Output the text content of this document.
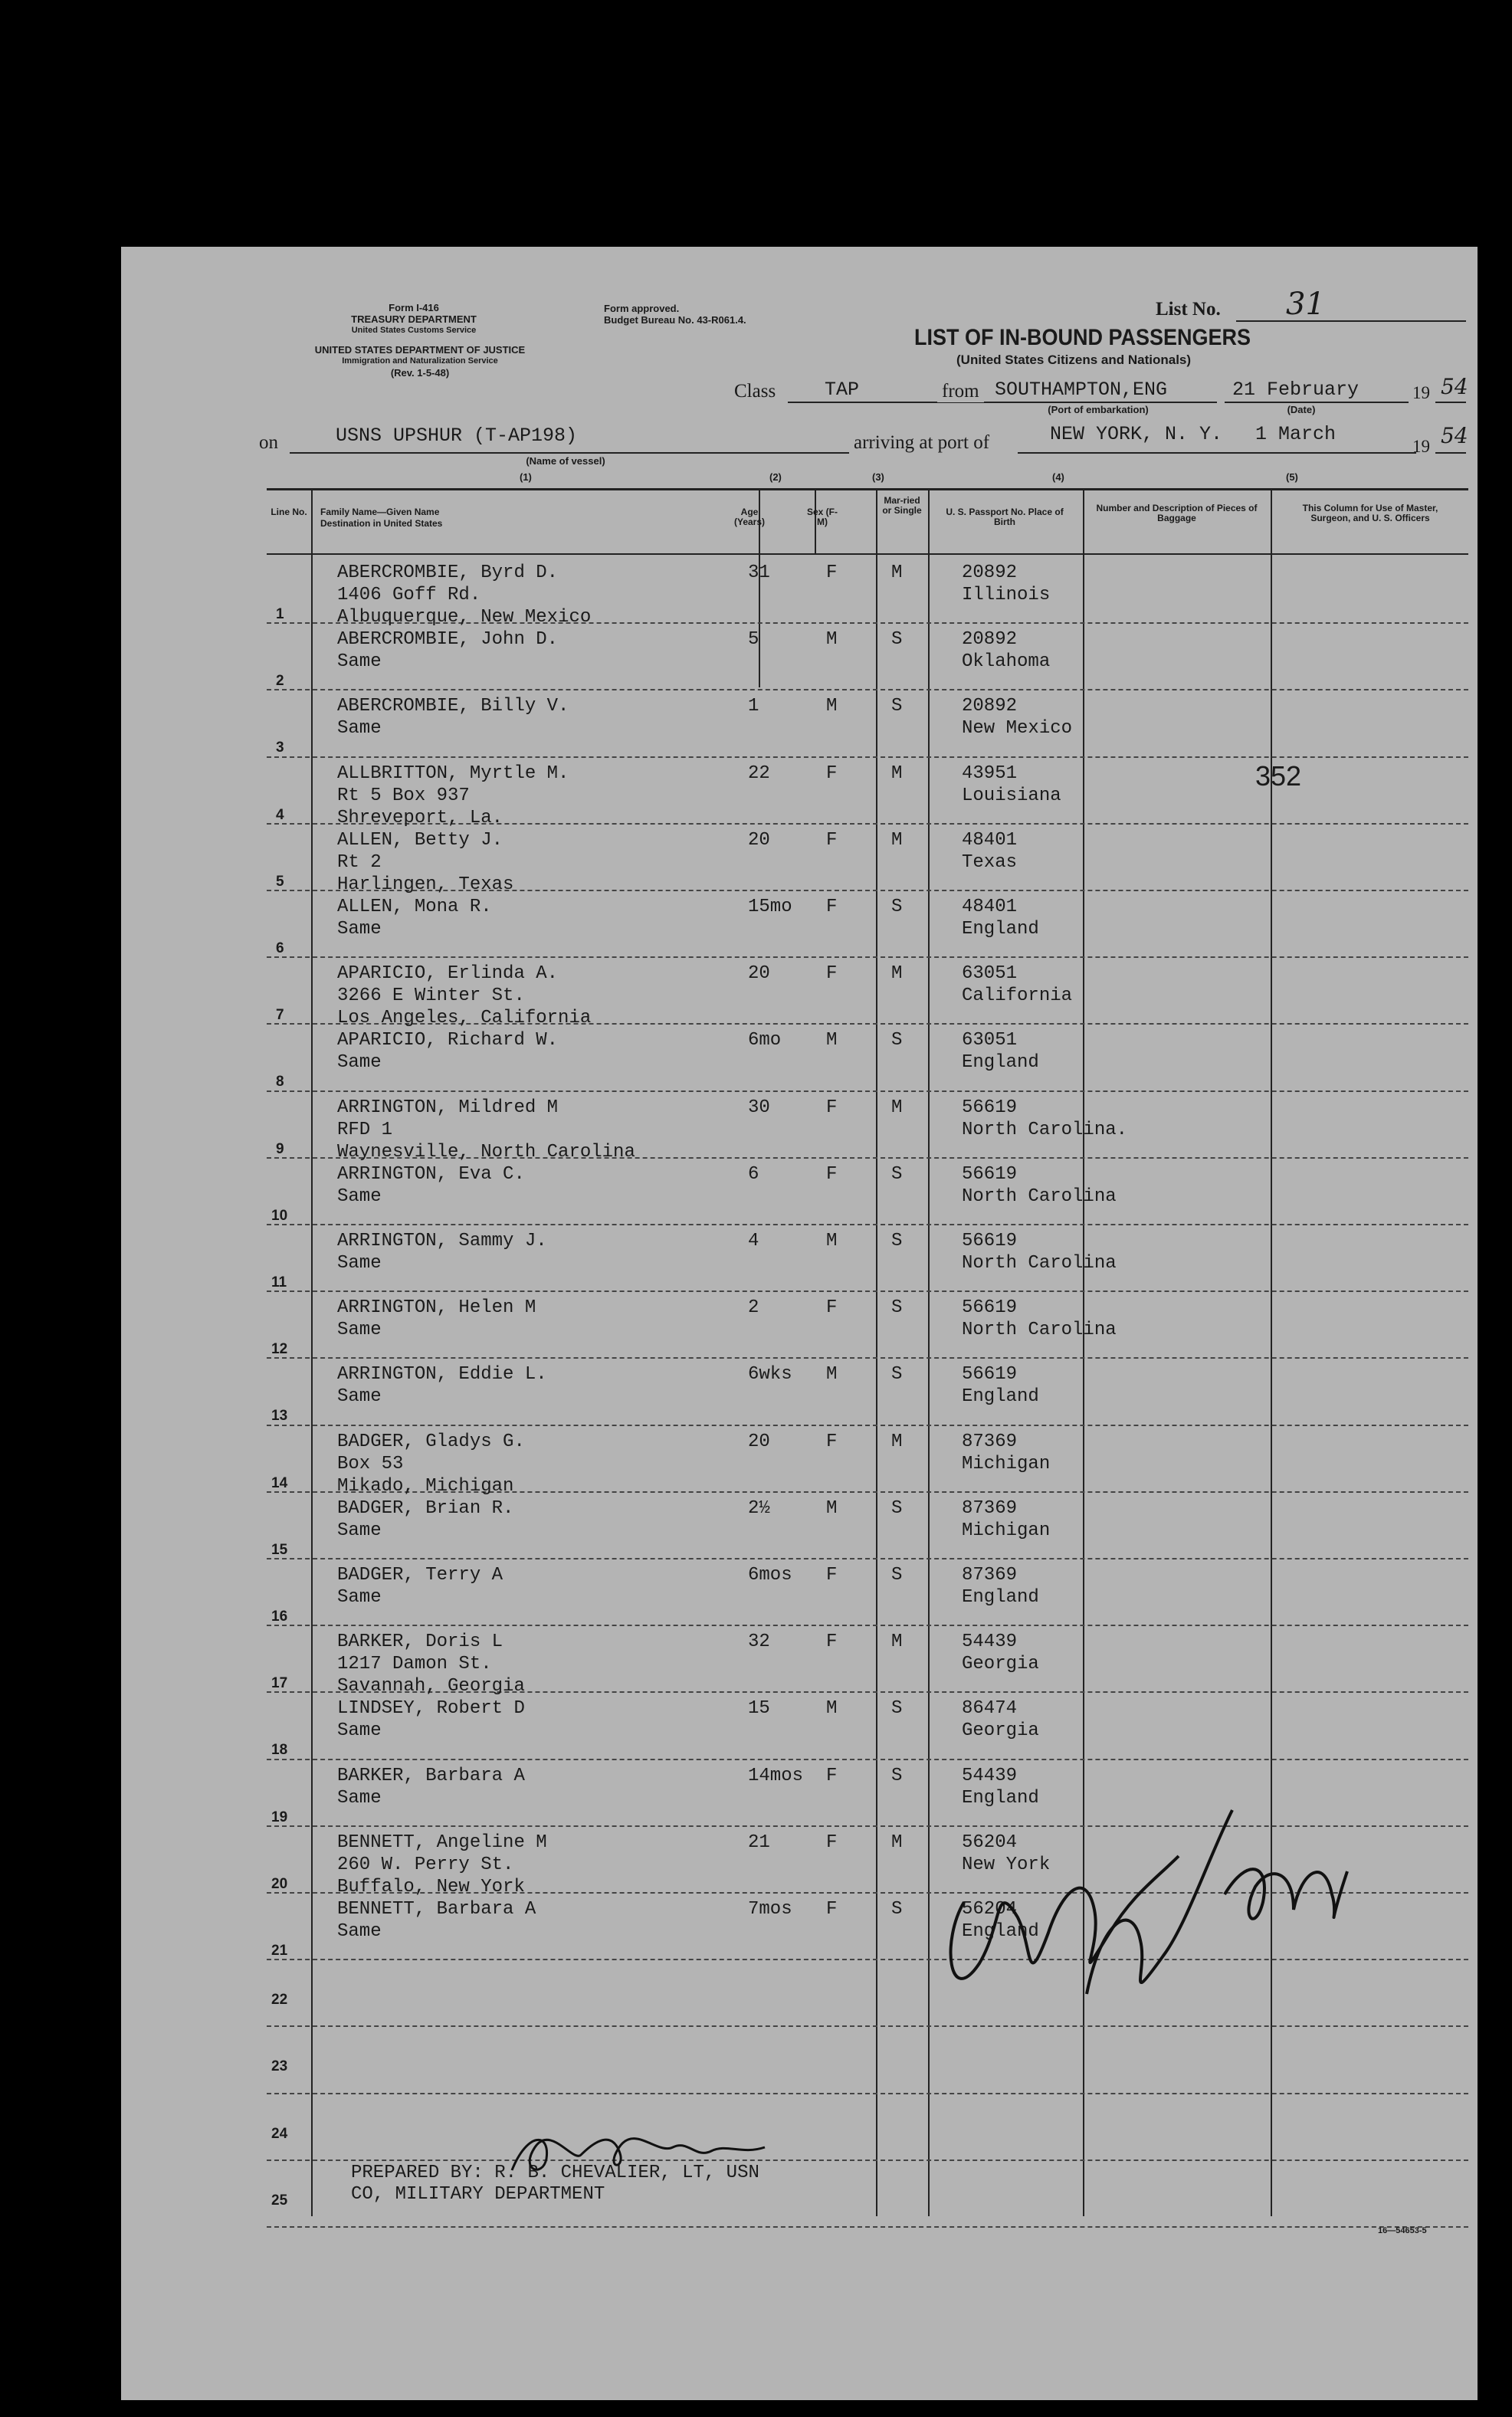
Form I-416
TREASURY DEPARTMENT
United States Customs Service
UNITED STATES DEPARTMENT OF JUSTICE
Immigration and Naturalization Service
(Rev. 1-5-48)
Form approved.
Budget Bureau No. 43-R061.4.
List No. 31
LIST OF IN-BOUND PASSENGERS
(United States Citizens and Nationals)
Class	TAP	from SOUTHAMPTON,ENG
(Port of embarkation)
21 February
(Date)
19 54
on	USNS UPSHUR (T-AP198)
(Name of vessel)
arriving at port of	NEW YORK, N. Y. 1 March
19 54
(1)	(2)	(3)	(4)	(5)
Line No.	Family Name—Given Name
Destination in United States
Age (Years)
Sex (F-M)
Mar-ried or Single	U. S. Passport No. Place of Birth
Number and Description of Pieces of Baggage
This Column for Use of Master, Surgeon, and U. S. Officers
1
ABERCROMBIE, Byrd D.
1406 Goff Rd.
Albuquerque, New Mexico
31	F	M	20892
Illinois
2
ABERCROMBIE, John D.
Same
5	M	S	20892
Oklahoma
3
ABERCROMBIE, Billy V.
Same
1	M	S	20892
New Mexico
4
ALLBRITTON, Myrtle M.
Rt 5 Box 937
Shreveport, La.
22	F	M	43951
Louisiana
5
ALLEN, Betty J.
Rt 2
Harlingen, Texas
20	F	M	48401
Texas
6
ALLEN, Mona R.
Same
15mo F	S	48401
England
7
APARICIO, Erlinda A.
3266 E Winter St.
Los Angeles, California
20	F	M	63051
California
8
APARICIO, Richard W.
Same
6mo M	S	63051
England
9
ARRINGTON, Mildred M
RFD 1
Waynesville, North Carolina
30	F	M	56619
North Carolina.
10
ARRINGTON, Eva C.
Same
6	F	S	56619
North Carolina
11
ARRINGTON, Sammy J.
Same
4	M	S	56619
North Carolina
12
ARRINGTON, Helen M
Same
2	F	S	56619
North Carolina
13
ARRINGTON, Eddie L.
Same
6wks M	S	56619
England
14
BADGER, Gladys G.
Box 53
Mikado, Michigan
20	F	M	87369
Michigan
15
BADGER, Brian R.
Same
2½	M	S	87369
Michigan
16
BADGER, Terry A
Same
6mos F	S	87369
England
17
BARKER, Doris L
1217 Damon St.
Savannah, Georgia
32	F	M	54439
Georgia
18
LINDSEY, Robert D
Same
15	M	S	86474
Georgia
19
BARKER, Barbara A
Same
14mos F	S	54439
England
20
BENNETT, Angeline M
260 W. Perry St.
Buffalo, New York
21	F	M	56204
New York
21
BENNETT, Barbara A
Same
7mos F	S	56204
England
22
23
24
25
352
PREPARED BY: R. B. CHEVALIER, LT, USN
CO, MILITARY DEPARTMENT
16—54653-5
